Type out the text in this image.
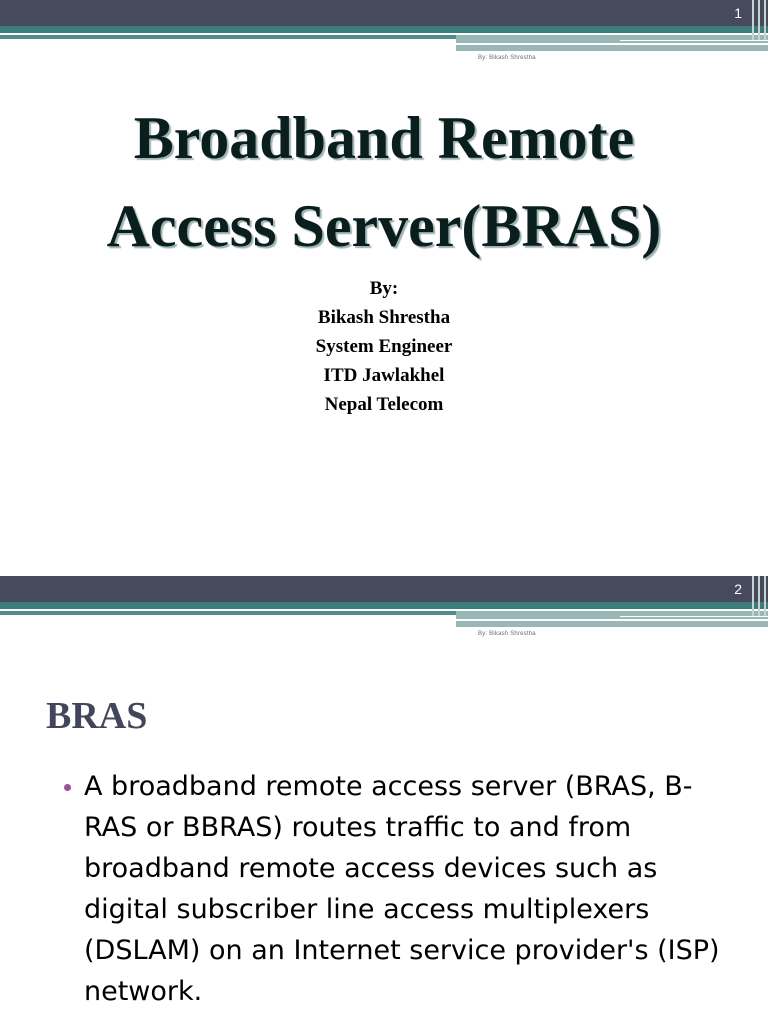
1
By: Bikash Shrestha
Broadband Remote
Access Server(BRAS)
By:
Bikash Shrestha
System Engineer
ITD Jawlakhel
Nepal Telecom
2
By: Bikash Shrestha
BRAS
A broadband remote access server (BRAS, B-RAS or BBRAS) routes traffic to and from broadband remote access devices such as digital subscriber line access multiplexers (DSLAM) on an Internet service provider's (ISP) network.
